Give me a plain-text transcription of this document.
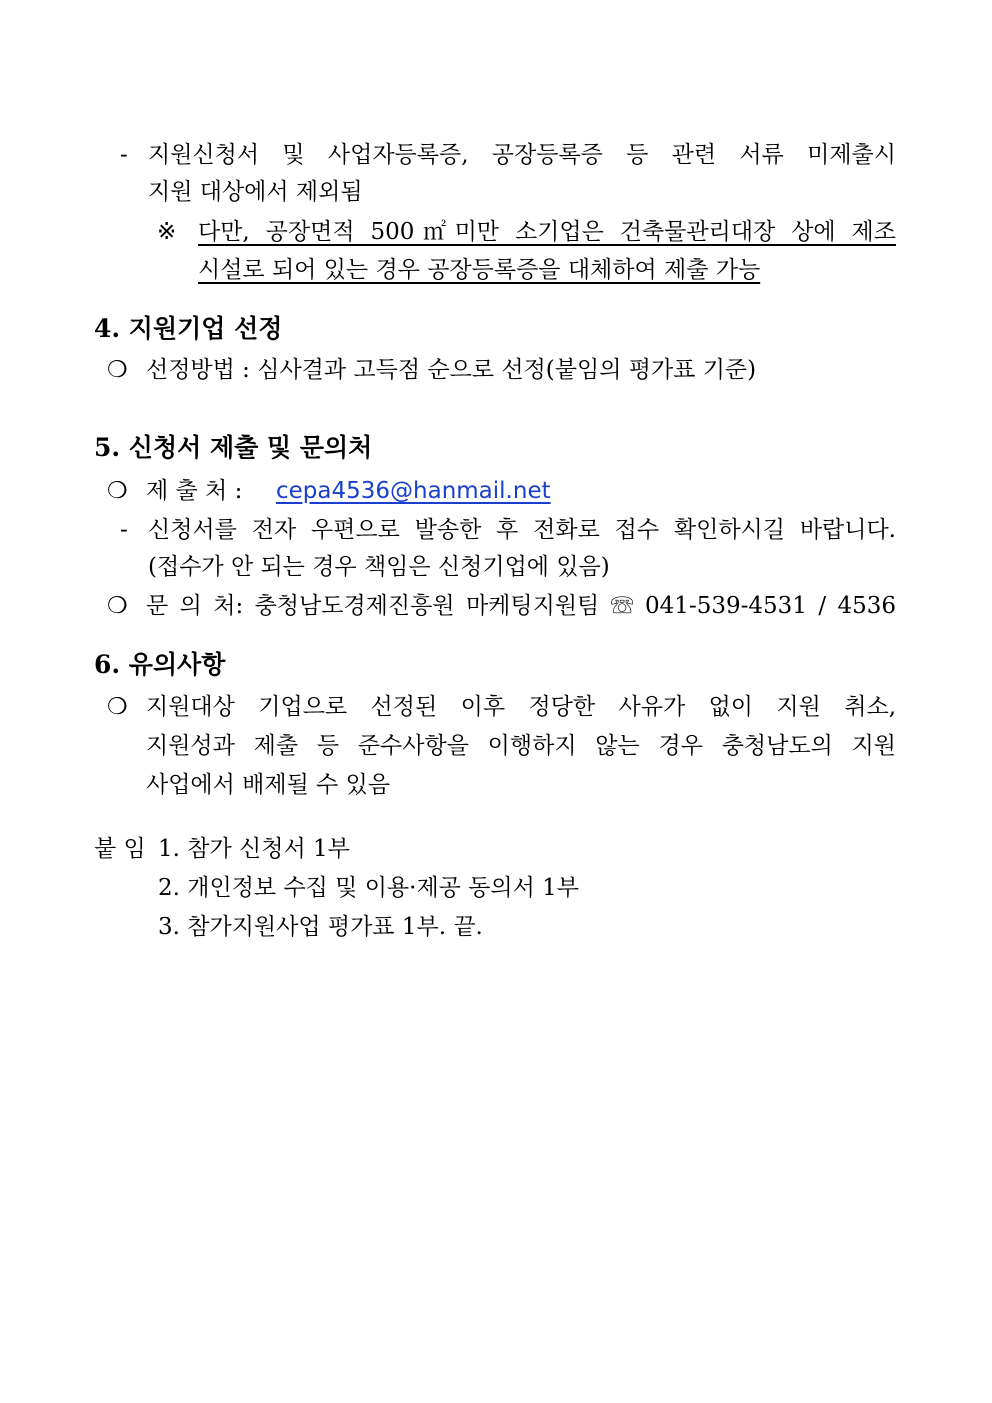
- 지원신청서 및 사업자등록증, 공장등록증 등 관련 서류 미제출시
지원 대상에서 제외됨
※ 다만, 공장면적 500㎡미만 소기업은 건축물관리대장 상에 제조
시설로 되어 있는 경우 공장등록증을 대체하여 제출 가능
4. 지원기업 선정
❍ 선정방법 : 심사결과 고득점 순으로 선정(붙임의 평가표 기준)
5. 신청서 제출 및 문의처
❍ 제 출 처 : cepa4536@hanmail.net
- 신청서를 전자 우편으로 발송한 후 전화로 접수 확인하시길 바랍니다.
(접수가 안 되는 경우 책임은 신청기업에 있음)
❍ 문 의 처: 충청남도경제진흥원 마케팅지원팀 ☏ 041-539-4531 / 4536
6. 유의사항
❍ 지원대상 기업으로 선정된 이후 정당한 사유가 없이 지원 취소,
지원성과 제출 등 준수사항을 이행하지 않는 경우 충청남도의 지원
사업에서 배제될 수 있음
붙 임 1. 참가 신청서 1부
2. 개인정보 수집 및 이용·제공 동의서 1부
3. 참가지원사업 평가표 1부. 끝.
